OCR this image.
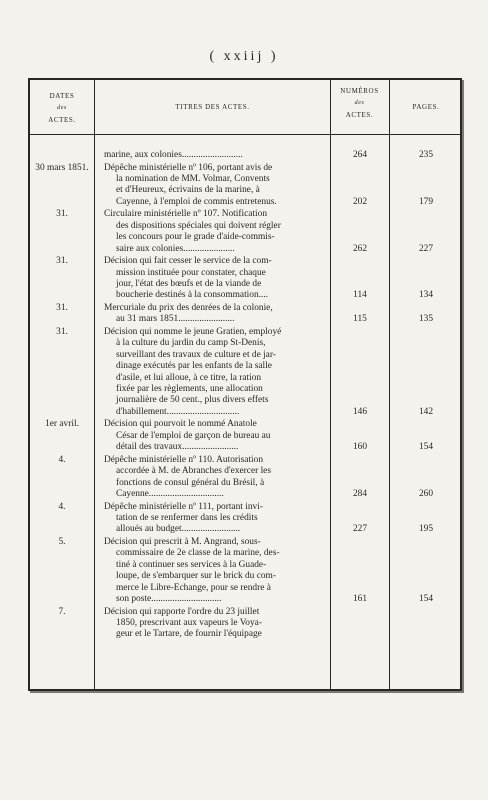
( xxiij )
DATES
des
ACTES.
TITRES DES ACTES.
NUMÉROS
des
ACTES.
PAGES.
marine, aux colonies..........................	264	235
30 mars 1851.	Dépêche ministérielle nº 106, portant avis de
la nomination de MM. Volmar, Convents
et d'Heureux, écrivains de la marine, à
Cayenne, à l'emploi de commis entretenus.	202	179
31.	Circulaire ministérielle nº 107. Notification
des dispositions spéciales qui doivent régler
les concours pour le grade d'aide-commis-
saire aux colonies......................	262	227
31.	Décision qui fait cesser le service de la com-
mission instituée pour constater, chaque
jour, l'état des bœufs et de la viande de
boucherie destinés à la consommation....	114	134
31.	Mercuriale du prix des denrées de la colonie,
au 31 mars 1851........................	115	135
31.	Décision qui nomme le jeune Gratien, employé
à la culture du jardin du camp St-Denis,
surveillant des travaux de culture et de jar-
dinage exécutés par les enfants de la salle
d'asile, et lui alloue, à ce titre, la ration
fixée par les règlements, une allocation
journalière de 50 cent., plus divers effets
d'habillement...............................	146	142
1er avril.	Décision qui pourvoit le nommé Anatole
César de l'emploi de garçon de bureau au
détail des travaux........................	160	154
4.	Dépêche ministérielle nº 110. Autorisation
accordée à M. de Abranches d'exercer les
fonctions de consul général du Brésil, à
Cayenne................................	284	260
4.	Dépêche ministérielle nº 111, portant invi-
tation de se renfermer dans les crédits
alloués au budget.........................	227	195
5.	Décision qui prescrit à M. Angrand, sous-
commissaire de 2e classe de la marine, des-
tiné à continuer ses services à la Guade-
loupe, de s'embarquer sur le brick du com-
merce le Libre-Échange, pour se rendre à
son poste..............................	161	154
7.	Décision qui rapporte l'ordre du 23 juillet
1850, prescrivant aux vapeurs le Voya-
geur et le Tartare, de fournir l'équipage
